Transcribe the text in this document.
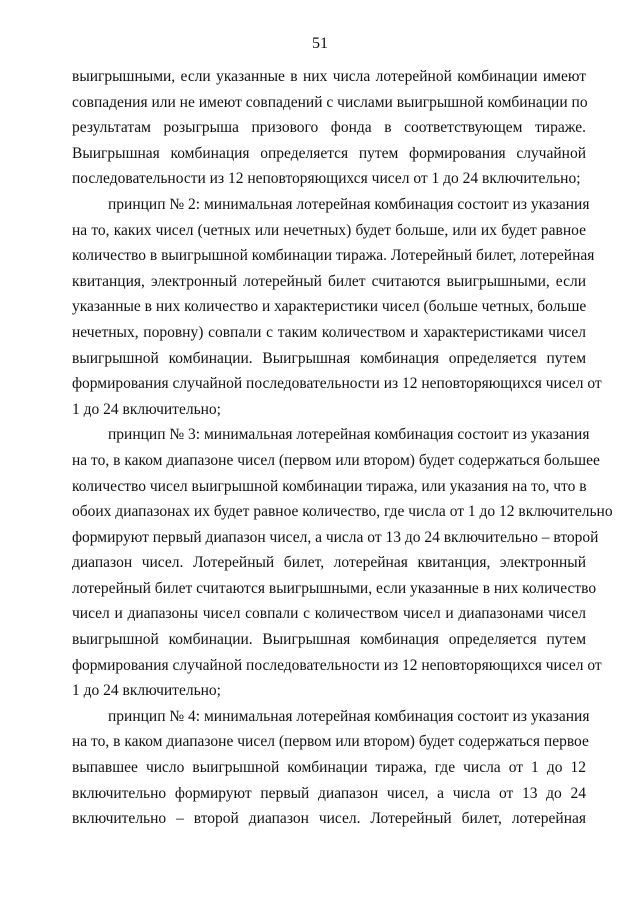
51
выигрышными, если указанные в них числа лотерейной комбинации имеют
совпадения или не имеют совпадений с числами выигрышной комбинации по
результатам розыгрыша призового фонда в соответствующем тираже.
Выигрышная комбинация определяется путем формирования случайной
последовательности из 12 неповторяющихся чисел от 1 до 24 включительно;
принцип № 2: минимальная лотерейная комбинация состоит из указания
на то, каких чисел (четных или нечетных) будет больше, или их будет равное
количество в выигрышной комбинации тиража. Лотерейный билет, лотерейная
квитанция, электронный лотерейный билет считаются выигрышными, если
указанные в них количество и характеристики чисел (больше четных, больше
нечетных, поровну) совпали с таким количеством и характеристиками чисел
выигрышной комбинации. Выигрышная комбинация определяется путем
формирования случайной последовательности из 12 неповторяющихся чисел от
1 до 24 включительно;
принцип № 3: минимальная лотерейная комбинация состоит из указания
на то, в каком диапазоне чисел (первом или втором) будет содержаться большее
количество чисел выигрышной комбинации тиража, или указания на то, что в
обоих диапазонах их будет равное количество, где числа от 1 до 12 включительно
формируют первый диапазон чисел, а числа от 13 до 24 включительно – второй
диапазон чисел. Лотерейный билет, лотерейная квитанция, электронный
лотерейный билет считаются выигрышными, если указанные в них количество
чисел и диапазоны чисел совпали с количеством чисел и диапазонами чисел
выигрышной комбинации. Выигрышная комбинация определяется путем
формирования случайной последовательности из 12 неповторяющихся чисел от
1 до 24 включительно;
принцип № 4: минимальная лотерейная комбинация состоит из указания
на то, в каком диапазоне чисел (первом или втором) будет содержаться первое
выпавшее число выигрышной комбинации тиража, где числа от 1 до 12
включительно формируют первый диапазон чисел, а числа от 13 до 24
включительно – второй диапазон чисел. Лотерейный билет, лотерейная
